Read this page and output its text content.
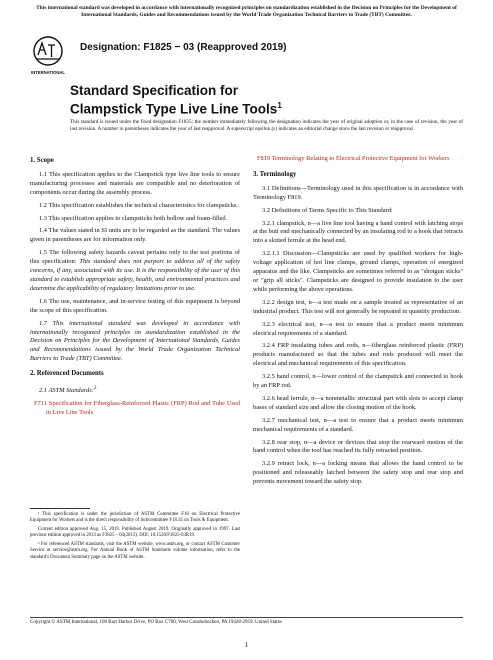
This international standard was developed in accordance with internationally recognized principles on standardization established in the Decision on Principles for the Development of International Standards, Guides and Recommendations issued by the World Trade Organization Technical Barriers to Trade (TBT) Committee.
INTERNATIONAL
Designation: F1825 − 03 (Reapproved 2019)
Standard Specification for
Clampstick Type Live Line Tools$^1$
This standard is issued under the fixed designation F1825; the number immediately following the designation indicates the year of original adoption or, in the case of revision, the year of last revision. A number in parentheses indicates the year of last reapproval. A superscript epsilon (ε) indicates an editorial change since the last revision or reapproval.
1. Scope

1.1 This specification applies to the Clampstick type live line tools to ensure manufacturing processes and materials are compatible and no deterioration of components occur during the assembly process.

1.2 This specification establishes the technical characteristics for clampsticks.

1.3 This specification applies to clampsticks both hollow and foam-filled.

1.4 The values stated in SI units are to be regarded as the standard. The values given in parentheses are for information only.

1.5 The following safety hazards caveat pertains only to the test portions of this specification: This standard does not purport to address all of the safety concerns, if any, associated with its use. It is the responsibility of the user of this standard to establish appropriate safety, health, and environmental practices and determine the applicability of regulatory limitations prior to use.

1.6 The use, maintenance, and in-service testing of this equipment is beyond the scope of this specification.

1.7 This international standard was developed in accordance with internationally recognized principles on standardization established in the Decision on Principles for the Development of International Standards, Guides and Recommendations issued by the World Trade Organization Technical Barriers to Trade (TBT) Committee.

2. Referenced Documents
2.1 ASTM Standards:$^2$
F711 Specification for Fiberglass-Reinforced Plastic (FRP) Rod and Tube Used in Live Line Tools

¹ This specification is under the jurisdiction of ASTM Committee F18 on Electrical Protective Equipment for Workers and is the direct responsibility of Subcommittee F18.35 on Tools & Equipment.

Current edition approved Aug. 15, 2019. Published August 2019. Originally approved in 1997. Last previous edition approved in 2013 as F1825 – 03(2013). DOI: 10.1520/F1825-03R19.

² For referenced ASTM standards, visit the ASTM website, www.astm.org, or contact ASTM Customer Service at service@astm.org. For Annual Book of ASTM Standards volume information, refer to the standard's Document Summary page on the ASTM website.

F819 Terminology Relating to Electrical Protective Equipment for Workers
3. Terminology

3.1 Definitions—Terminology used in this specification is in accordance with Terminology F819.

3.2 Definitions of Terms Specific to This Standard:

3.2.1 clampstick, n—a live line tool having a hand control with latching stops at the butt end mechanically connected by an insulating rod to a hook that retracts into a slotted ferrule at the head end.

3.2.1.1 Discussion—Clampsticks are used by qualified workers for high-voltage application of hot line clamps, ground clamps, operation of energized apparatus and the like. Clampsticks are sometimes referred to as "shotgun sticks" or "grip all sticks". Clampsticks are designed to provide insulation to the user while performing the above operations.

3.2.2 design test, n—a test made on a sample treated as representative of an industrial product. This test will not generally be repeated in quantity production.

3.2.3 electrical test, n—a test to ensure that a product meets minimum electrical requirements of a standard.

3.2.4 FRP insulating tubes and rods, n—fiberglass reinforced plastic (FRP) products manufactured so that the tubes and rods produced will meet the electrical and mechanical requirements of this specification.

3.2.5 hand control, n—lower control of the clampstick and connected to hook by an FRP rod.

3.2.6 head ferrule, n—a nonmetallic structural part with slots to accept clamp bases of standard size and allow the closing motion of the hook.

3.2.7 mechanical test, n—a test to ensure that a product meets minimum mechanical requirements of a standard.

3.2.8 rear stop, n—a device or devices that stop the rearward motion of the hand control when the tool has reached its fully retracted position.

3.2.9 retract lock, n—a locking means that allows the hand control to be positioned and releaseably latched between the safety stop and rear stop and prevents movement toward the safety stop.

Copyright © ASTM International, 100 Barr Harbor Drive, PO Box C700, West Conshohocken, PA 19428-2959. United States
1
